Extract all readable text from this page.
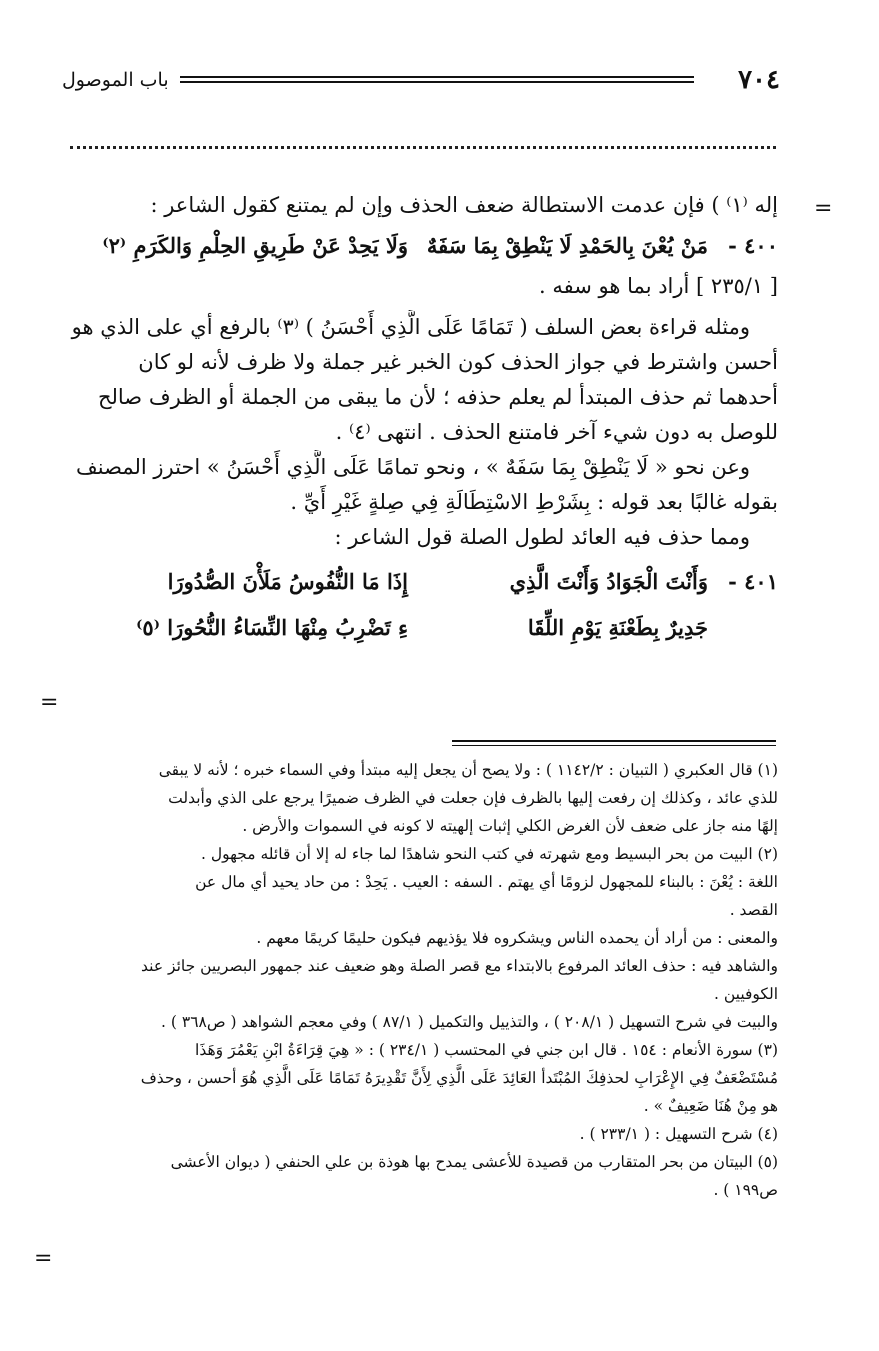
٧٠٤
باب الموصول
=
=
=
إله ⁽١⁾ ) فإن عدمت الاستطالة ضعف الحذف وإن لم يمتنع كقول الشاعر :
٤٠٠ -
مَنْ يُعْنَ بِالحَمْدِ لَا يَنْطِقْ بِمَا سَفَهٌ
وَلَا يَحِدْ عَنْ طَرِيقِ الحِلْمِ وَالكَرَمِ ⁽٢⁾
[ ٢٣٥/١ ] أراد بما هو سفه .
ومثله قراءة بعض السلف ( تَمَامًا عَلَى الَّذِي أَحْسَنُ ) ⁽٣⁾ بالرفع أي على الذي هو
أحسن واشترط في جواز الحذف كون الخبر غير جملة ولا ظرف لأنه لو كان
أحدهما ثم حذف المبتدأ لم يعلم حذفه ؛ لأن ما يبقى من الجملة أو الظرف صالح
للوصل به دون شيء آخر فامتنع الحذف . انتهى ⁽٤⁾ .
وعن نحو « لَا يَنْطِقْ بِمَا سَفَهٌ » ، ونحو تمامًا عَلَى الَّذِي أَحْسَنُ » احترز المصنف
بقوله غالبًا بعد قوله : بِشَرْطِ الاسْتِطَالَةِ فِي صِلةٍ غَيْرِ أَيِّ .
ومما حذف فيه العائد لطول الصلة قول الشاعر :
٤٠١ -
وَأَنْتَ الْجَوَادُ وَأَنْتَ الَّذِي
إِذَا مَا النُّفُوسُ مَلَأْنَ الصُّدُورَا
جَدِيرٌ بِطَعْنَةِ يَوْمِ اللِّقَا
ءِ تَضْرِبُ مِنْهَا النِّسَاءُ النُّحُورَا ⁽٥⁾
(١) قال العكبري ( التبيان : ١١٤٢/٢ ) : ولا يصح أن يجعل إليه مبتدأ وفي السماء خبره ؛ لأنه لا يبقى
للذي عائد ، وكذلك إن رفعت إليها بالظرف فإن جعلت في الظرف ضميرًا يرجع على الذي وأبدلت
إلهًا منه جاز على ضعف لأن الغرض الكلي إثبات إلهيته لا كونه في السموات والأرض .
(٢) البيت من بحر البسيط ومع شهرته في كتب النحو شاهدًا لما جاء له إلا أن قائله مجهول .
اللغة : يُعْنَ : بالبناء للمجهول لزومًا أي يهتم . السفه : العيب . يَحِدْ : من حاد يحيد أي مال عن
القصد .
والمعنى : من أراد أن يحمده الناس ويشكروه فلا يؤذيهم فيكون حليمًا كريمًا معهم .
والشاهد فيه : حذف العائد المرفوع بالابتداء مع قصر الصلة وهو ضعيف عند جمهور البصريين جائز عند
الكوفيين .
والبيت في شرح التسهيل ( ٢٠٨/١ ) ، والتذييل والتكميل ( ٨٧/١ ) وفي معجم الشواهد ( ص٣٦٨ ) .
(٣) سورة الأنعام : ١٥٤ . قال ابن جني في المحتسب ( ٢٣٤/١ ) : « هِيَ قِرَاءَةُ ابْنِ يَعْمُرَ وَهَذَا
مُسْتَضْعَفٌ فِي الإِعْرَابِ لحذفِكَ المُبْتَدأ العَائِدَ عَلَى الَّذِي لِأَنَّ تَقْدِيرَهُ تَمَامًا عَلَى الَّذِي هُوَ أحسن ، وحذف
هو مِنْ هُنَا ضَعِيفٌ » .
(٤) شرح التسهيل : ( ٢٣٣/١ ) .
(٥) البيتان من بحر المتقارب من قصيدة للأعشى يمدح بها هوذة بن علي الحنفي ( ديوان الأعشى
ص١٩٩ ) .
